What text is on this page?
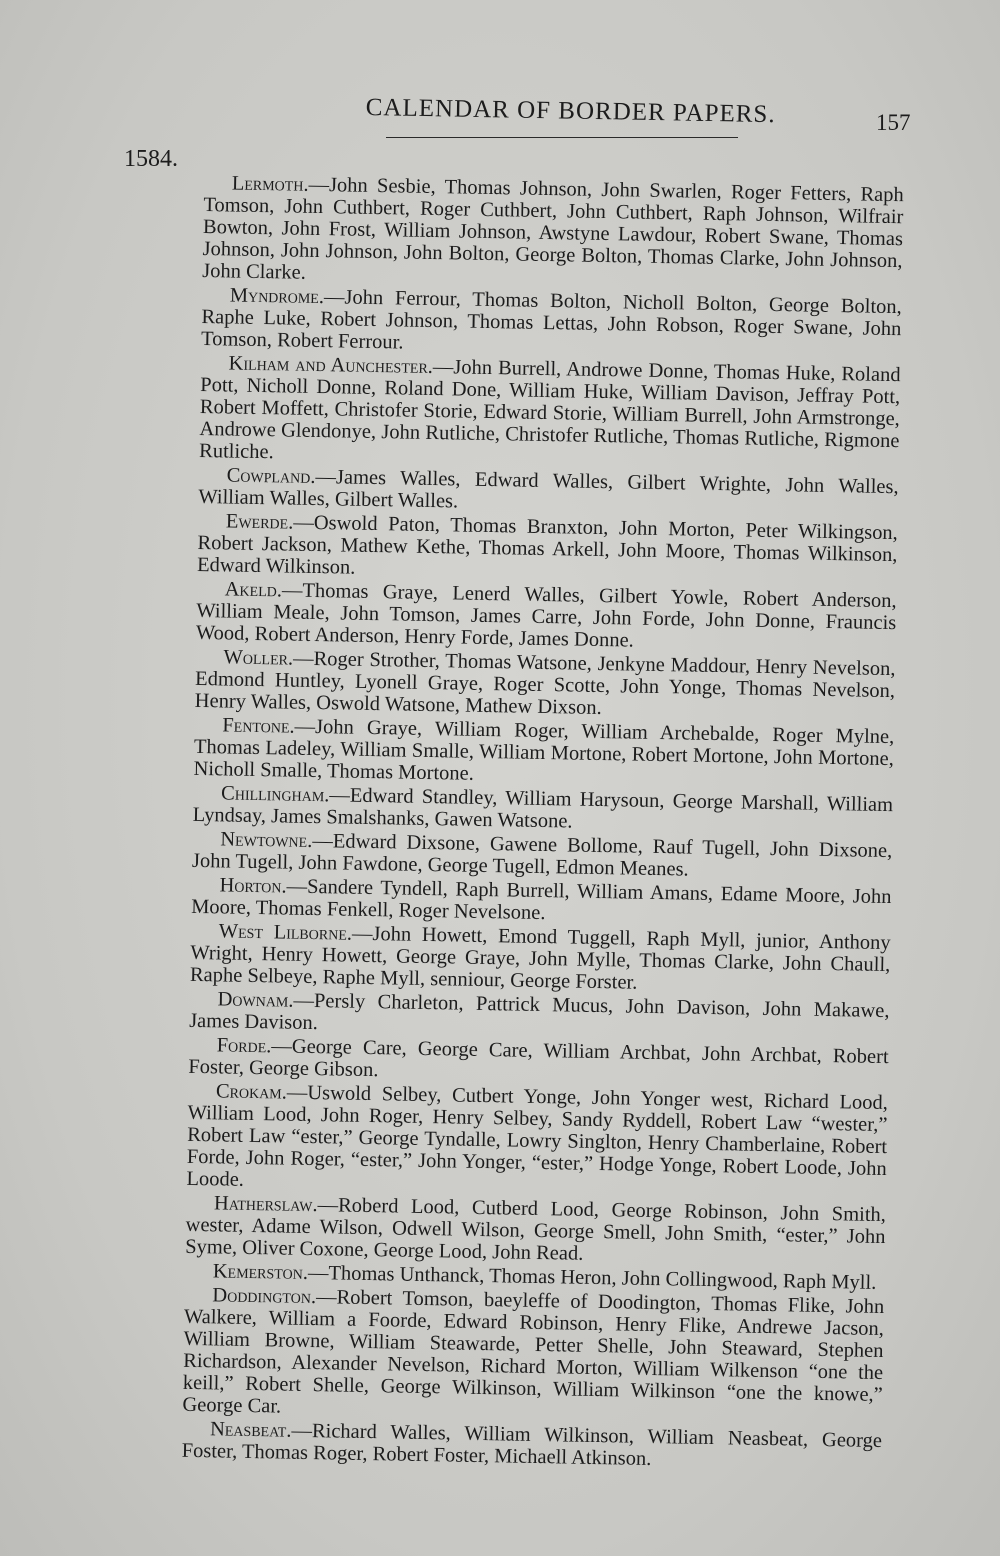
CALENDAR OF BORDER PAPERS.	157
1584.

Lermoth . —John Sesbie, Thomas Johnson, John Swarlen, Roger Fetters, Raph Tomson, John Cuthbert, Roger Cuthbert, John Cuthbert, Raph Johnson, Wilfrair Bowton, John Frost, William Johnson, Awstyne Lawdour, Robert Swane, Thomas Johnson, John Johnson, John Bolton, George Bolton, Thomas Clarke, John Johnson, John Clarke.

Myndrome . —John Ferrour, Thomas Bolton, Nicholl Bolton, George Bolton, Raphe Luke, Robert Johnson, Thomas Lettas, John Robson, Roger Swane, John Tomson, Robert Ferrour.

Kilham and Aunchester . —John Burrell, Androwe Donne, Thomas Huke, Roland Pott, Nicholl Donne, Roland Done, William Huke, William Davison, Jeffray Pott, Robert Moffett, Christofer Storie, Edward Storie, William Burrell, John Armstronge, Androwe Glendonye, John Rutliche, Christofer Rutliche, Thomas Rutliche, Rigmone Rutliche.

Cowpland . —James Walles, Edward Walles, Gilbert Wrighte, John Walles, William Walles, Gilbert Walles.

Ewerde . —Oswold Paton, Thomas Branxton, John Morton, Peter Wilkingson, Robert Jackson, Mathew Kethe, Thomas Arkell, John Moore, Thomas Wilkinson, Edward Wilkinson.

Akeld . —Thomas Graye, Lenerd Walles, Gilbert Yowle, Robert Anderson, William Meale, John Tomson, James Carre, John Forde, John Donne, Frauncis Wood, Robert Anderson, Henry Forde, James Donne.

Woller . —Roger Strother, Thomas Watsone, Jenkyne Maddour, Henry Nevelson, Edmond Huntley, Lyonell Graye, Roger Scotte, John Yonge, Thomas Nevelson, Henry Walles, Oswold Watsone, Mathew Dixson.

Fentone . —John Graye, William Roger, William Archebalde, Roger Mylne, Thomas Ladeley, William Smalle, William Mortone, Robert Mortone, John Mortone, Nicholl Smalle, Thomas Mortone.

Chillingham . —Edward Standley, William Harysoun, George Marshall, William Lyndsay, James Smalshanks, Gawen Watsone.

Newtowne . —Edward Dixsone, Gawene Bollome, Rauf Tugell, John Dixsone, John Tugell, John Fawdone, George Tugell, Edmon Meanes.

Horton . —Sandere Tyndell, Raph Burrell, William Amans, Edame Moore, John Moore, Thomas Fenkell, Roger Nevelsone.

West Lilborne . —John Howett, Emond Tuggell, Raph Myll, junior, Anthony Wright, Henry Howett, George Graye, John Mylle, Thomas Clarke, John Chaull, Raphe Selbeye, Raphe Myll, senniour, George Forster.

Downam . —Persly Charleton, Pattrick Mucus, John Davison, John Makawe, James Davison.

Forde . —George Care, George Care, William Archbat, John Archbat, Robert Foster, George Gibson.

Crokam . —Uswold Selbey, Cutbert Yonge, John Yonger west, Richard Lood, William Lood, John Roger, Henry Selbey, Sandy Ryddell, Robert Law “wester,” Robert Law “ester,” George Tyndalle, Lowry Singlton, Henry Chamberlaine, Robert Forde, John Roger, “ester,” John Yonger, “ester,” Hodge Yonge, Robert Loode, John Loode.

Hatherslaw . —Roberd Lood, Cutberd Lood, George Robinson, John Smith, wester, Adame Wilson, Odwell Wilson, George Smell, John Smith, “ester,” John Syme, Oliver Coxone, George Lood, John Read.

Kemerston . —Thomas Unthanck, Thomas Heron, John Collingwood, Raph Myll.

Doddington . —Robert Tomson, baeyleffe of Doodington, Thomas Flike, John Walkere, William a Foorde, Edward Robinson, Henry Flike, Andrewe Jacson, William Browne, William Steawarde, Petter Shelle, John Steaward, Stephen Richardson, Alexander Nevelson, Richard Morton, William Wilkenson “one the keill,” Robert Shelle, George Wilkinson, William Wilkinson “one the knowe,” George Car.

Neasbeat . —Richard Walles, William Wilkinson, William Neasbeat, George Foster, Thomas Roger, Robert Foster, Michaell Atkinson.
